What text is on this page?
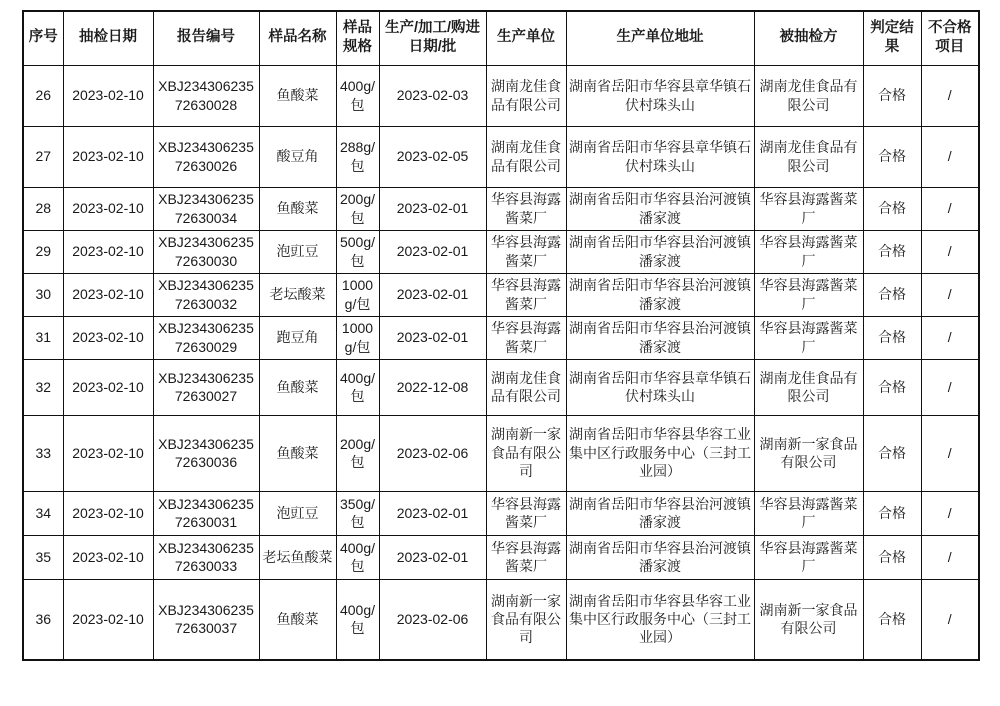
序号	抽检日期	报告编号	样品名称	样品规格	生产/加工/购进日期/批	生产单位	生产单位地址	被抽检方	判定结果	不合格项目
26	2023-02-10	XBJ23430623572630028	鱼酸菜	400g/包	2023-02-03	湖南龙佳食品有限公司	湖南省岳阳市华容县章华镇石伏村珠头山	湖南龙佳食品有限公司	合格	/
27	2023-02-10	XBJ23430623572630026	酸豆角	288g/包	2023-02-05	湖南龙佳食品有限公司	湖南省岳阳市华容县章华镇石伏村珠头山	湖南龙佳食品有限公司	合格	/
28	2023-02-10	XBJ23430623572630034	鱼酸菜	200g/包	2023-02-01	华容县海露酱菜厂	湖南省岳阳市华容县治河渡镇潘家渡	华容县海露酱菜厂	合格	/
29	2023-02-10	XBJ23430623572630030	泡豇豆	500g/包	2023-02-01	华容县海露酱菜厂	湖南省岳阳市华容县治河渡镇潘家渡	华容县海露酱菜厂	合格	/
30	2023-02-10	XBJ23430623572630032	老坛酸菜	1000g/包	2023-02-01	华容县海露酱菜厂	湖南省岳阳市华容县治河渡镇潘家渡	华容县海露酱菜厂	合格	/
31	2023-02-10	XBJ23430623572630029	跑豆角	1000g/包	2023-02-01	华容县海露酱菜厂	湖南省岳阳市华容县治河渡镇潘家渡	华容县海露酱菜厂	合格	/
32	2023-02-10	XBJ23430623572630027	鱼酸菜	400g/包	2022-12-08	湖南龙佳食品有限公司	湖南省岳阳市华容县章华镇石伏村珠头山	湖南龙佳食品有限公司	合格	/
33	2023-02-10	XBJ23430623572630036	鱼酸菜	200g/包	2023-02-06	湖南新一家食品有限公司	湖南省岳阳市华容县华容工业集中区行政服务中心（三封工业园）	湖南新一家食品有限公司	合格	/
34	2023-02-10	XBJ23430623572630031	泡豇豆	350g/包	2023-02-01	华容县海露酱菜厂	湖南省岳阳市华容县治河渡镇潘家渡	华容县海露酱菜厂	合格	/
35	2023-02-10	XBJ23430623572630033	老坛鱼酸菜	400g/包	2023-02-01	华容县海露酱菜厂	湖南省岳阳市华容县治河渡镇潘家渡	华容县海露酱菜厂	合格	/
36	2023-02-10	XBJ23430623572630037	鱼酸菜	400g/包	2023-02-06	湖南新一家食品有限公司	湖南省岳阳市华容县华容工业集中区行政服务中心（三封工业园）	湖南新一家食品有限公司	合格	/
